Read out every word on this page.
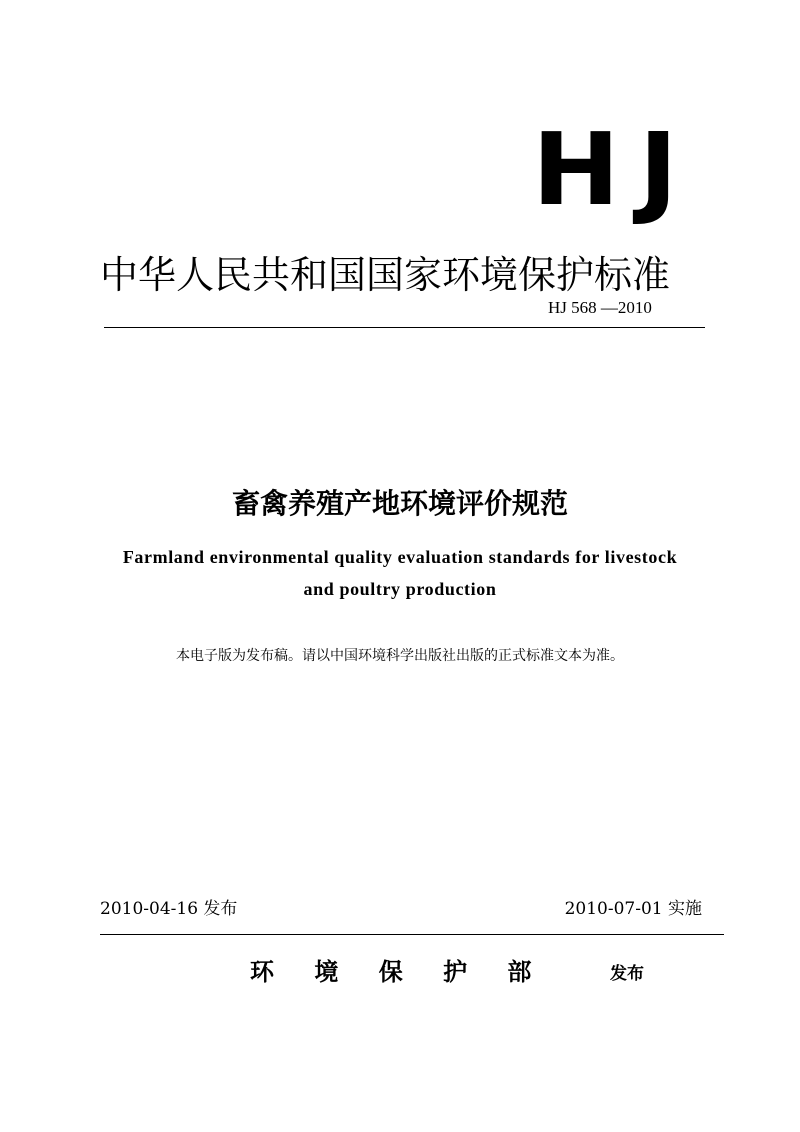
HJ
中华人民共和国国家环境保护标准
HJ 568 —2010
畜禽养殖产地环境评价规范
Farmland environmental quality evaluation standards for livestock
and poultry production
本电子版为发布稿。请以中国环境科学出版社出版的正式标准文本为准。
2010-04-16 发布	2010-07-01 实施
环 境 保 护 部	发布
